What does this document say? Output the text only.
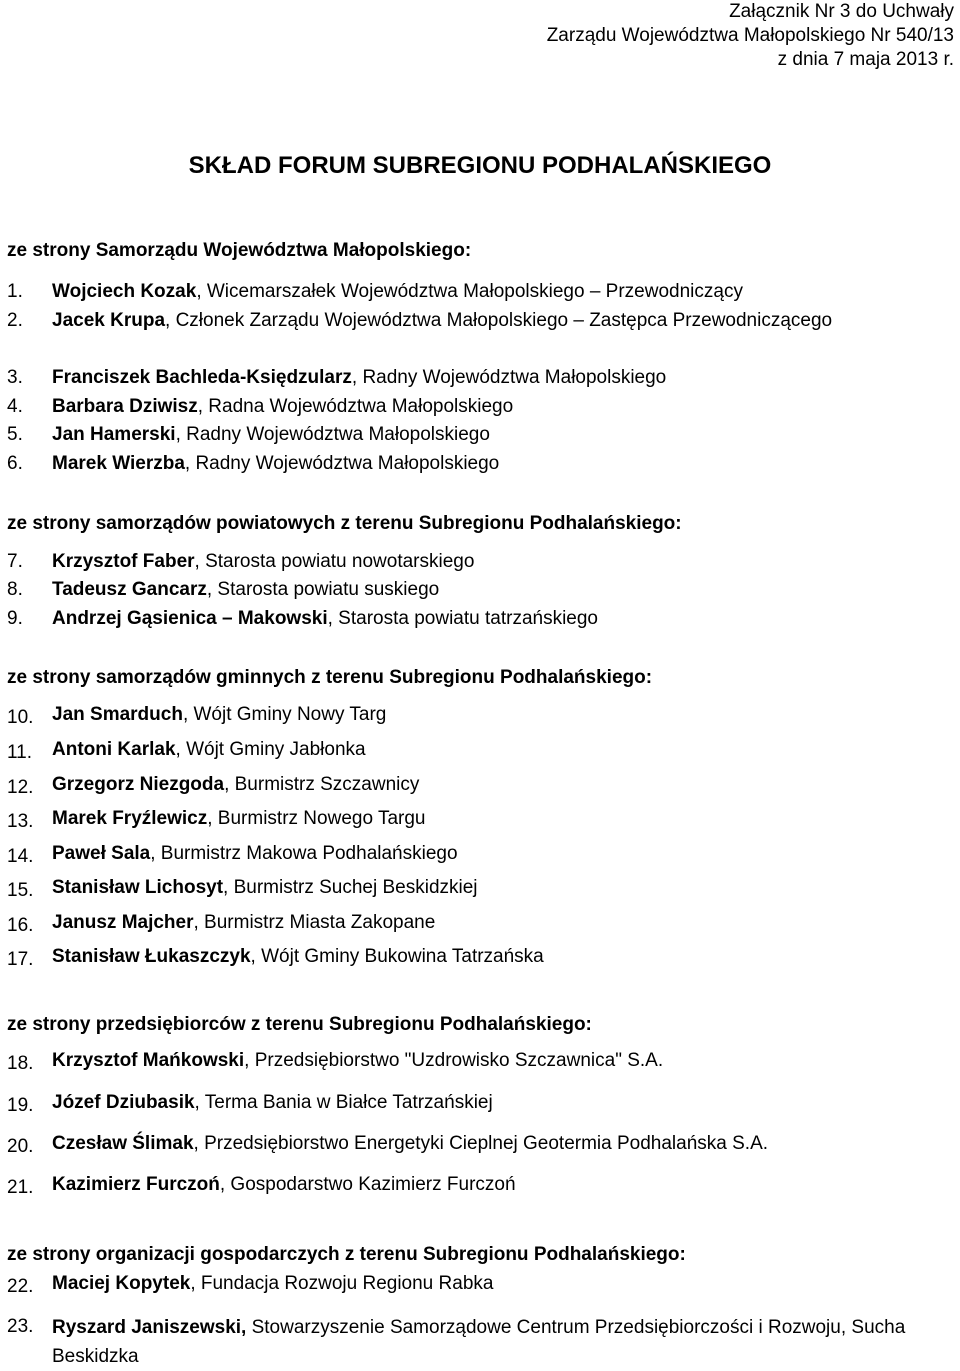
Załącznik Nr 3 do Uchwały
Zarządu Województwa Małopolskiego Nr 540/13
z dnia 7 maja 2013 r.
SKŁAD FORUM SUBREGIONU PODHALAŃSKIEGO
ze strony Samorządu Województwa Małopolskiego:
1. Wojciech Kozak, Wicemarszałek Województwa Małopolskiego – Przewodniczący
2. Jacek Krupa, Członek Zarządu Województwa Małopolskiego – Zastępca Przewodniczącego
3. Franciszek Bachleda-Księdzularz, Radny Województwa Małopolskiego
4. Barbara Dziwisz, Radna Województwa Małopolskiego
5. Jan Hamerski, Radny Województwa Małopolskiego
6. Marek Wierzba, Radny Województwa Małopolskiego
ze strony samorządów powiatowych z terenu Subregionu Podhalańskiego:
7. Krzysztof Faber, Starosta powiatu nowotarskiego
8. Tadeusz Gancarz, Starosta powiatu suskiego
9. Andrzej Gąsienica – Makowski, Starosta powiatu tatrzańskiego
ze strony samorządów gminnych z terenu Subregionu Podhalańskiego:
10. Jan Smarduch, Wójt Gminy Nowy Targ
11. Antoni Karlak, Wójt Gminy Jabłonka
12. Grzegorz Niezgoda, Burmistrz Szczawnicy
13. Marek Fryźlewicz, Burmistrz Nowego Targu
14. Paweł Sala, Burmistrz Makowa Podhalańskiego
15. Stanisław Lichosyt, Burmistrz Suchej Beskidzkiej
16. Janusz Majcher, Burmistrz Miasta Zakopane
17. Stanisław Łukaszczyk, Wójt Gminy Bukowina Tatrzańska
ze strony przedsiębiorców z terenu Subregionu Podhalańskiego:
18. Krzysztof Mańkowski, Przedsiębiorstwo "Uzdrowisko Szczawnica" S.A.
19. Józef Dziubasik, Terma Bania w Białce Tatrzańskiej
20. Czesław Ślimak, Przedsiębiorstwo Energetyki Cieplnej Geotermia Podhalańska S.A.
21. Kazimierz Furczoń, Gospodarstwo Kazimierz Furczoń
ze strony organizacji gospodarczych z terenu Subregionu Podhalańskiego:
22. Maciej Kopytek, Fundacja Rozwoju Regionu Rabka
23. Ryszard Janiszewski, Stowarzyszenie Samorządowe Centrum Przedsiębiorczości i Rozwoju, Sucha Beskidzka
